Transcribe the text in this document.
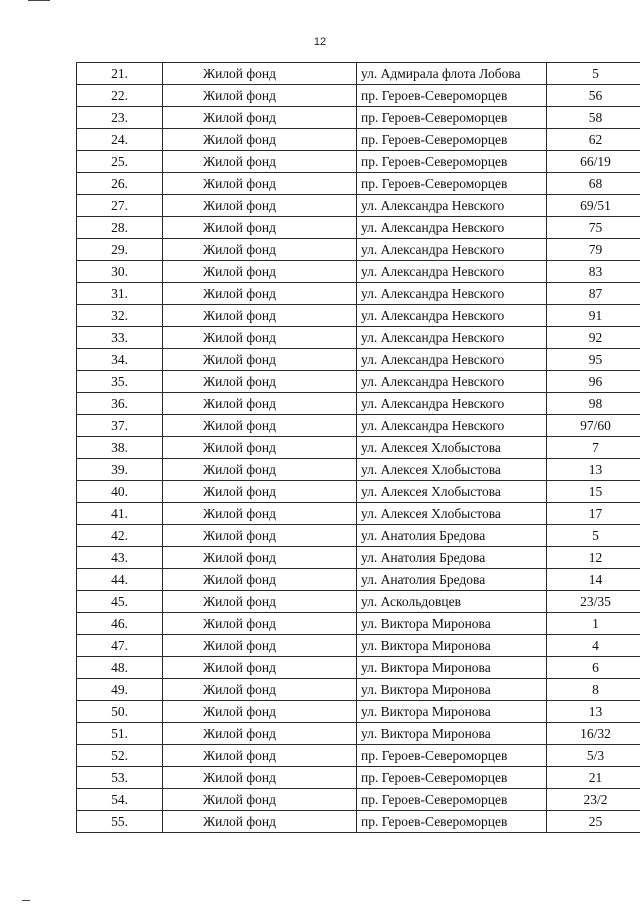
12
21.	Жилой фонд	ул. Адмирала флота Лобова	5
22.	Жилой фонд	пр. Героев-Североморцев	56
23.	Жилой фонд	пр. Героев-Североморцев	58
24.	Жилой фонд	пр. Героев-Североморцев	62
25.	Жилой фонд	пр. Героев-Североморцев	66/19
26.	Жилой фонд	пр. Героев-Североморцев	68
27.	Жилой фонд	ул. Александра Невского	69/51
28.	Жилой фонд	ул. Александра Невского	75
29.	Жилой фонд	ул. Александра Невского	79
30.	Жилой фонд	ул. Александра Невского	83
31.	Жилой фонд	ул. Александра Невского	87
32.	Жилой фонд	ул. Александра Невского	91
33.	Жилой фонд	ул. Александра Невского	92
34.	Жилой фонд	ул. Александра Невского	95
35.	Жилой фонд	ул. Александра Невского	96
36.	Жилой фонд	ул. Александра Невского	98
37.	Жилой фонд	ул. Александра Невского	97/60
38.	Жилой фонд	ул. Алексея Хлобыстова	7
39.	Жилой фонд	ул. Алексея Хлобыстова	13
40.	Жилой фонд	ул. Алексея Хлобыстова	15
41.	Жилой фонд	ул. Алексея Хлобыстова	17
42.	Жилой фонд	ул. Анатолия Бредова	5
43.	Жилой фонд	ул. Анатолия Бредова	12
44.	Жилой фонд	ул. Анатолия Бредова	14
45.	Жилой фонд	ул. Аскольдовцев	23/35
46.	Жилой фонд	ул. Виктора Миронова	1
47.	Жилой фонд	ул. Виктора Миронова	4
48.	Жилой фонд	ул. Виктора Миронова	6
49.	Жилой фонд	ул. Виктора Миронова	8
50.	Жилой фонд	ул. Виктора Миронова	13
51.	Жилой фонд	ул. Виктора Миронова	16/32
52.	Жилой фонд	пр. Героев-Североморцев	5/3
53.	Жилой фонд	пр. Героев-Североморцев	21
54.	Жилой фонд	пр. Героев-Североморцев	23/2
55.	Жилой фонд	пр. Героев-Североморцев	25
